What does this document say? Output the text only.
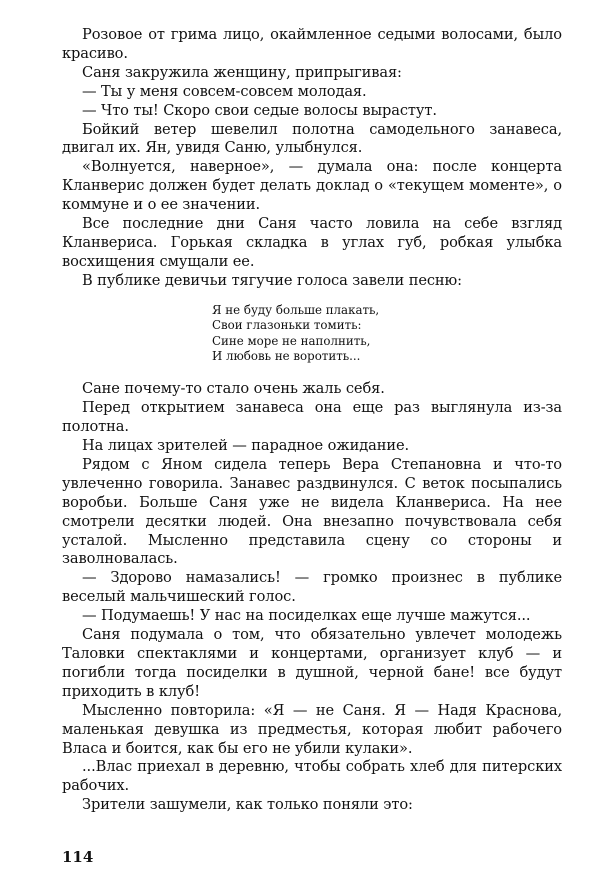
Розовое от грима лицо, окаймленное седыми волосами, было красиво.

Саня закружила женщину, припрыгивая:

— Ты у меня совсем-совсем молодая.

— Что ты! Скоро свои седые волосы вырастут.

Бойкий ветер шевелил полотна самодельного занавеса, двигал их. Ян, увидя Саню, улыбнулся.

«Волнуется, наверное», — думала она: после концерта Кланверис должен будет делать доклад о «текущем моменте», о коммуне и о ее значении.

Все последние дни Саня часто ловила на себе взгляд Кланвериса. Горькая складка в углах губ, робкая улыбка восхищения смущали ее.

В публике девичьи тягучие голоса завели песню:

Я не буду больше плакать,
Свои глазоньки томить:
Сине море не наполнить,
И любовь не воротить...

Сане почему-то стало очень жаль себя.

Перед открытием занавеса она еще раз выглянула из-за полотна.

На лицах зрителей — парадное ожидание.

Рядом с Яном сидела теперь Вера Степановна и что-то увлеченно говорила. Занавес раздвинулся. С веток посыпались воробьи. Больше Саня уже не видела Кланвериса. На нее смотрели десятки людей. Она внезапно почувствовала себя усталой. Мысленно представила сцену со стороны и заволновалась.

— Здорово намазались! — громко произнес в публике веселый мальчишеский голос.

— Подумаешь! У нас на посиделках еще лучше мажутся...

Саня подумала о том, что обязательно увлечет молодежь Таловки спектаклями и концертами, организует клуб — и погибли тогда посиделки в душной, черной бане! все будут приходить в клуб!

Мысленно повторила: «Я — не Саня. Я — Надя Краснова, маленькая девушка из предместья, которая любит рабочего Власа и боится, как бы его не убили кулаки».

...Влас приехал в деревню, чтобы собрать хлеб для питерских рабочих.

Зрители зашумели, как только поняли это:

114
